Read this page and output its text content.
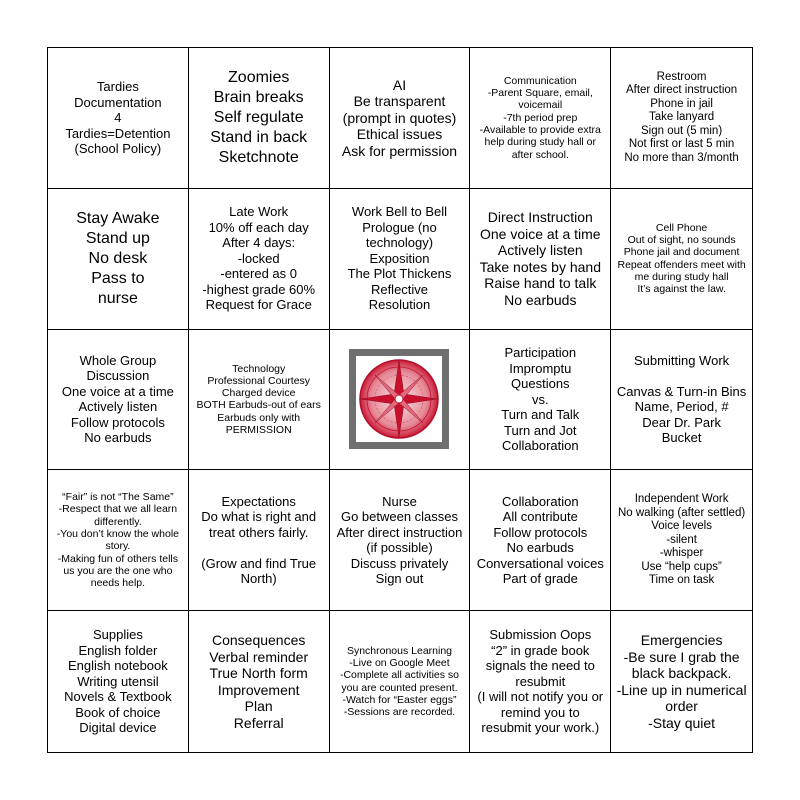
Tardies
Documentation
4
Tardies=Detention
(School Policy)
Zoomies
Brain breaks
Self regulate
Stand in back
Sketchnote
AI
Be transparent
(prompt in quotes)
Ethical issues
Ask for permission
Communication
-Parent Square, email, voicemail
-7th period prep
-Available to provide extra help during study hall or after school.
Restroom
After direct instruction
Phone in jail
Take lanyard
Sign out (5 min)
Not first or last 5 min
No more than 3/month
Stay Awake
Stand up
No desk
Pass to
nurse
Late Work
10% off each day
After 4 days:
-locked
-entered as 0
-highest grade 60%
Request for Grace
Work Bell to Bell
Prologue (no technology)
Exposition
The Plot Thickens
Reflective
Resolution
Direct Instruction
One voice at a time
Actively listen
Take notes by hand
Raise hand to talk
No earbuds
Cell Phone
Out of sight, no sounds
Phone jail and document
Repeat offenders meet with me during study hall
It’s against the law.
Whole Group Discussion
One voice at a time
Actively listen
Follow protocols
No earbuds
Technology
Professional Courtesy
Charged device
BOTH Earbuds-out of ears
Earbuds only with PERMISSION
Participation
Impromptu
Questions
vs.
Turn and Talk
Turn and Jot
Collaboration
Submitting Work
Canvas & Turn-in Bins
Name, Period, #
Dear Dr. Park
Bucket
“Fair” is not “The Same”
-Respect that we all learn differently.
-You don’t know the whole story.
-Making fun of others tells us you are the one who needs help.
Expectations
Do what is right and treat others fairly.
(Grow and find True North)
Nurse
Go between classes
After direct instruction (if possible)
Discuss privately
Sign out
Collaboration
All contribute
Follow protocols
No earbuds
Conversational voices
Part of grade
Independent Work
No walking (after settled)
Voice levels
-silent
-whisper
Use “help cups”
Time on task
Supplies
English folder
English notebook
Writing utensil
Novels & Textbook
Book of choice
Digital device
Consequences
Verbal reminder
True North form
Improvement
Plan
Referral
Synchronous Learning
-Live on Google Meet
-Complete all activities so you are counted present.
-Watch for “Easter eggs”
-Sessions are recorded.
Submission Oops
“2” in grade book signals the need to resubmit
(I will not notify you or remind you to resubmit your work.)
Emergencies
-Be sure I grab the black backpack.
-Line up in numerical order
-Stay quiet
